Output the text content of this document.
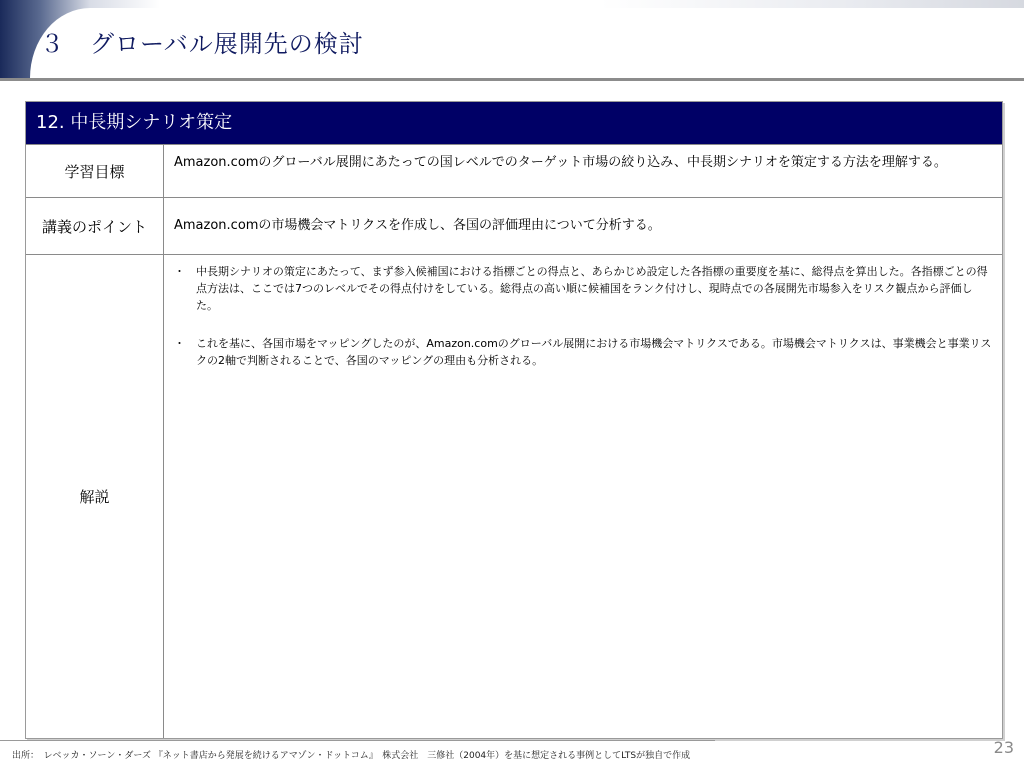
３　グローバル展開先の検討
12. 中長期シナリオ策定
学習目標	Amazon.comのグローバル展開にあたっての国レベルでのターゲット市場の絞り込み、中長期シナリオを策定する方法を理解する。
講義のポイント	Amazon.comの市場機会マトリクスを作成し、各国の評価理由について分析する。
解説
・ 中長期シナリオの策定にあたって、まず参入候補国における指標ごとの得点と、あらかじめ設定した各指標の重要度を基に、総得点を算出した。各指標ごとの得点方法は、ここでは7つのレベルでその得点付けをしている。総得点の高い順に候補国をランク付けし、現時点での各展開先市場参入をリスク観点から評価した。
・ これを基に、各国市場をマッピングしたのが、Amazon.comのグローバル展開における市場機会マトリクスである。市場機会マトリクスは、事業機会と事業リスクの2軸で判断されることで、各国のマッピングの理由も分析される。
出所：　レベッカ・ソーン・ダーズ 『ネット書店から発展を続けるアマゾン・ドットコム』　株式会社　三修社（2004年）を基に想定される事例としてLTSが独自で作成	23
